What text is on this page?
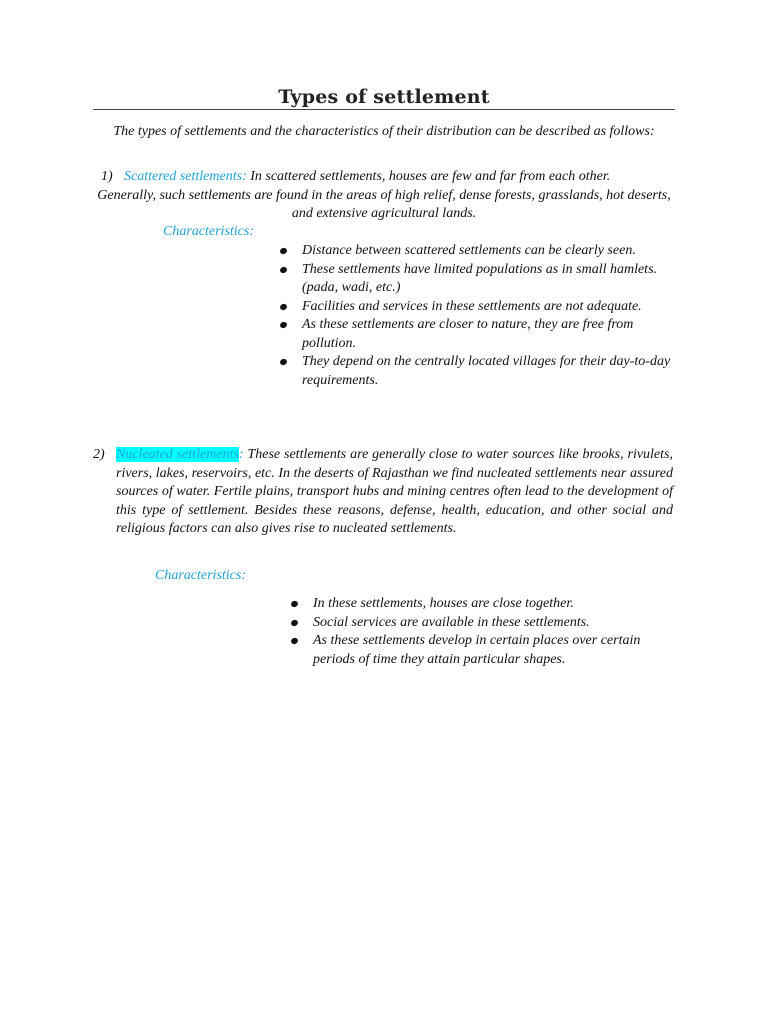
Types of settlement
The types of settlements and the characteristics of their distribution can be described as follows:
1) Scattered settlements: In scattered settlements, houses are few and far from each other.
Generally, such settlements are found in the areas of high relief, dense forests, grasslands, hot deserts, and extensive agricultural lands.
Characteristics:
Distance between scattered settlements can be clearly seen.
These settlements have limited populations as in small hamlets. (pada, wadi, etc.)
Facilities and services in these settlements are not adequate.
As these settlements are closer to nature, they are free from pollution.
They depend on the centrally located villages for their day-to-day requirements.
2) Nucleated settlements: These settlements are generally close to water sources like brooks, rivulets, rivers, lakes, reservoirs, etc. In the deserts of Rajasthan we find nucleated settlements near assured sources of water. Fertile plains, transport hubs and mining centres often lead to the development of this type of settlement. Besides these reasons, defense, health, education, and other social and religious factors can also gives rise to nucleated settlements.
Characteristics:
In these settlements, houses are close together.
Social services are available in these settlements.
As these settlements develop in certain places over certain periods of time they attain particular shapes.
